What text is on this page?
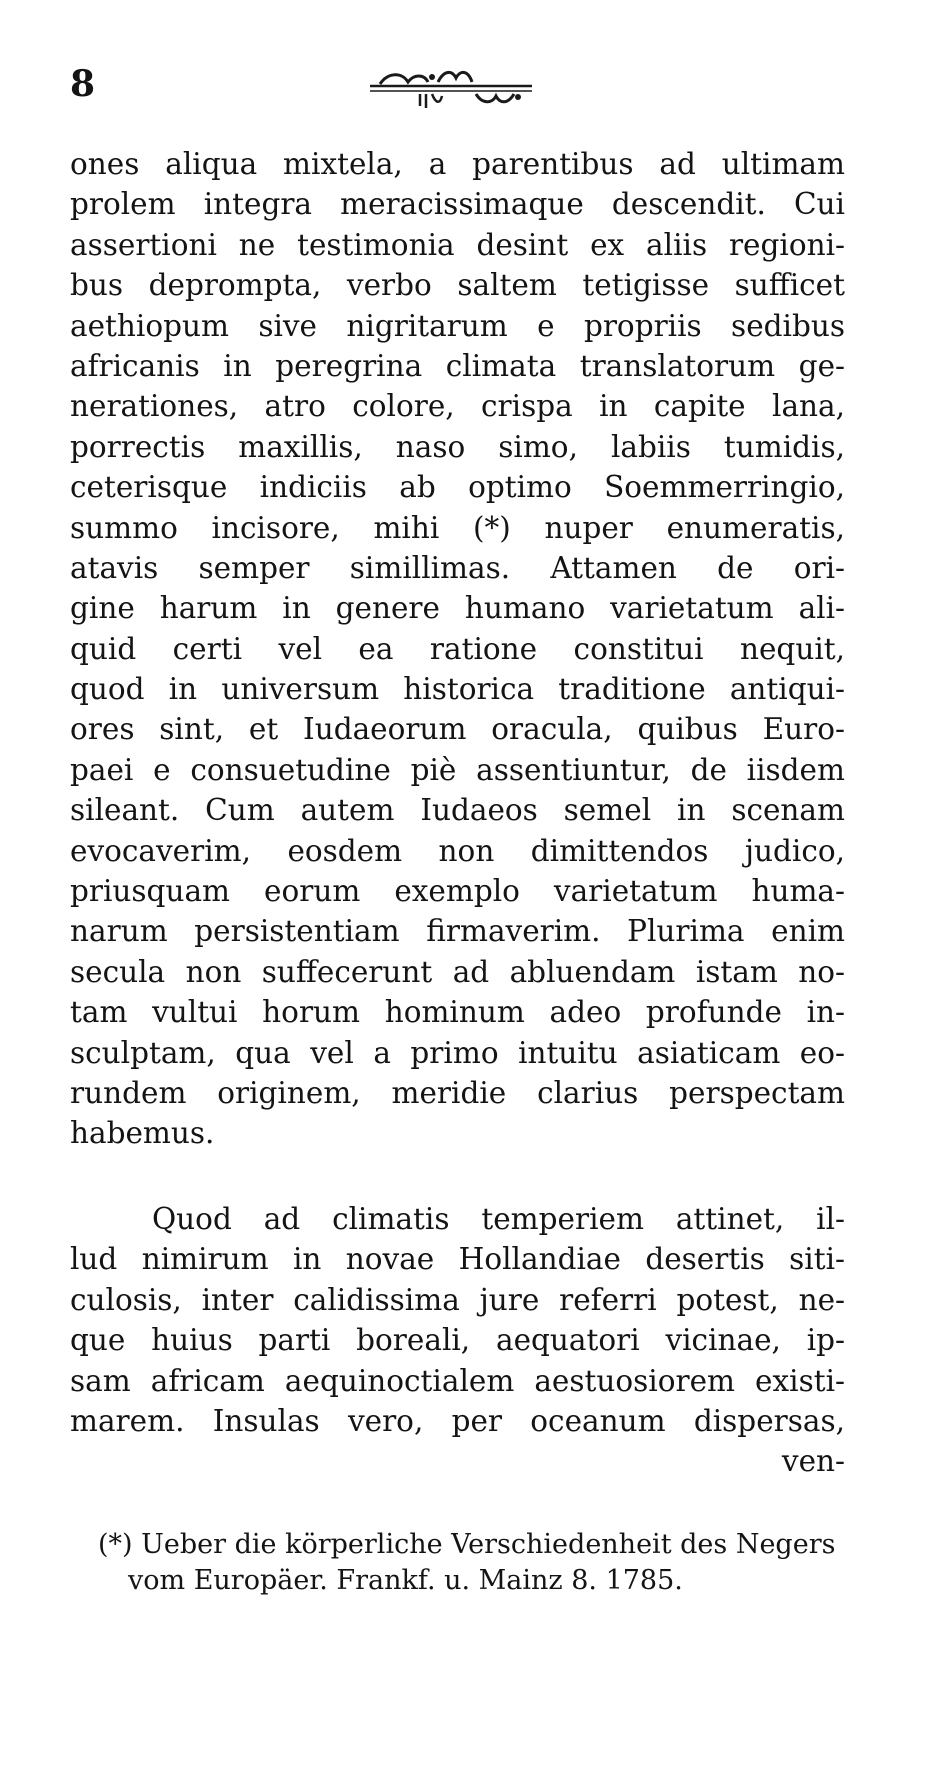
8
ones aliqua mixtela, a parentibus ad ultimam
prolem integra meracissimaque descendit. Cui
assertioni ne testimonia desint ex aliis regioni-
bus deprompta, verbo saltem tetigisse sufficet
aethiopum sive nigritarum e propriis sedibus
africanis in peregrina climata translatorum ge-
nerationes, atro colore, crispa in capite lana,
porrectis maxillis, naso simo, labiis tumidis,
ceterisque indiciis ab optimo Soemmerringio,
summo incisore, mihi (*) nuper enumeratis,
atavis semper simillimas. Attamen de ori-
gine harum in genere humano varietatum ali-
quid certi vel ea ratione constitui nequit,
quod in universum historica traditione antiqui-
ores sint, et Iudaeorum oracula, quibus Euro-
paei e consuetudine piè assentiuntur, de iisdem
sileant. Cum autem Iudaeos semel in scenam
evocaverim, eosdem non dimittendos judico,
priusquam eorum exemplo varietatum huma-
narum persistentiam firmaverim. Plurima enim
secula non suffecerunt ad abluendam istam no-
tam vultui horum hominum adeo profunde in-
sculptam, qua vel a primo intuitu asiaticam eo-
rundem originem, meridie clarius perspectam
habemus.
Quod ad climatis temperiem attinet, il-
lud nimirum in novae Hollandiae desertis siti-
culosis, inter calidissima jure referri potest, ne-
que huius parti boreali, aequatori vicinae, ip-
sam africam aequinoctialem aestuosiorem existi-
marem. Insulas vero, per oceanum dispersas,
ven-
(*) Ueber die körperliche Verschiedenheit des Negers
vom Europäer. Frankf. u. Mainz 8. 1785.
